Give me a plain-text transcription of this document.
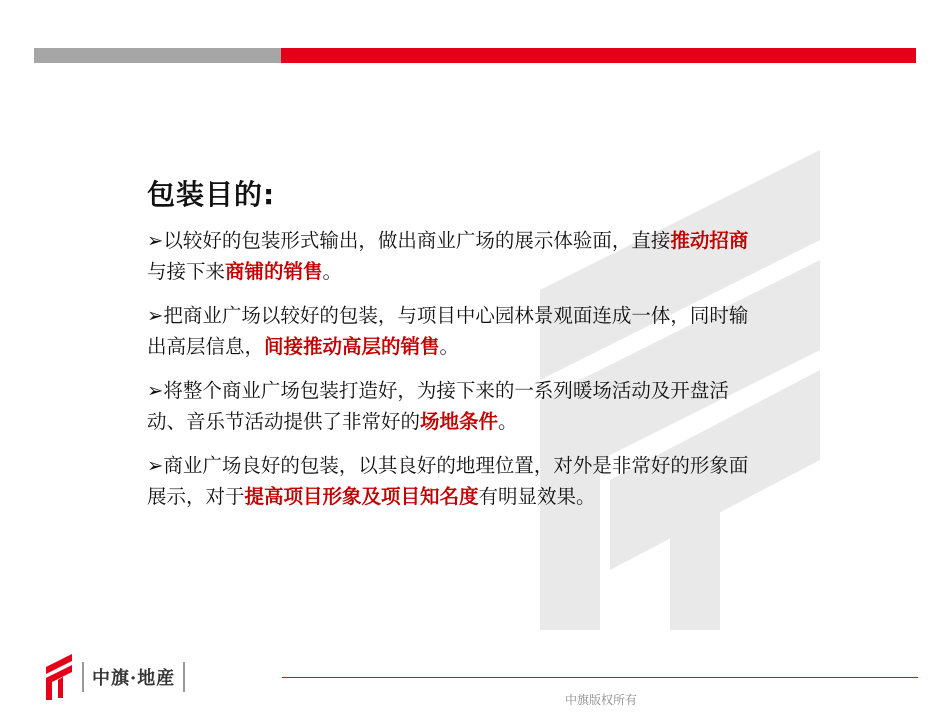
包装目的:
➢以较好的包装形式输出，做出商业广场的展示体验面，直接推动招商与接下来商铺的销售。
➢把商业广场以较好的包装，与项目中心园林景观面连成一体，同时输出高层信息，间接推动高层的销售。
➢将整个商业广场包装打造好，为接下来的一系列暖场活动及开盘活动、音乐节活动提供了非常好的场地条件。
➢商业广场良好的包装，以其良好的地理位置，对外是非常好的形象面展示，对于提高项目形象及项目知名度有明显效果。
中旗·地産
中旗版权所有
